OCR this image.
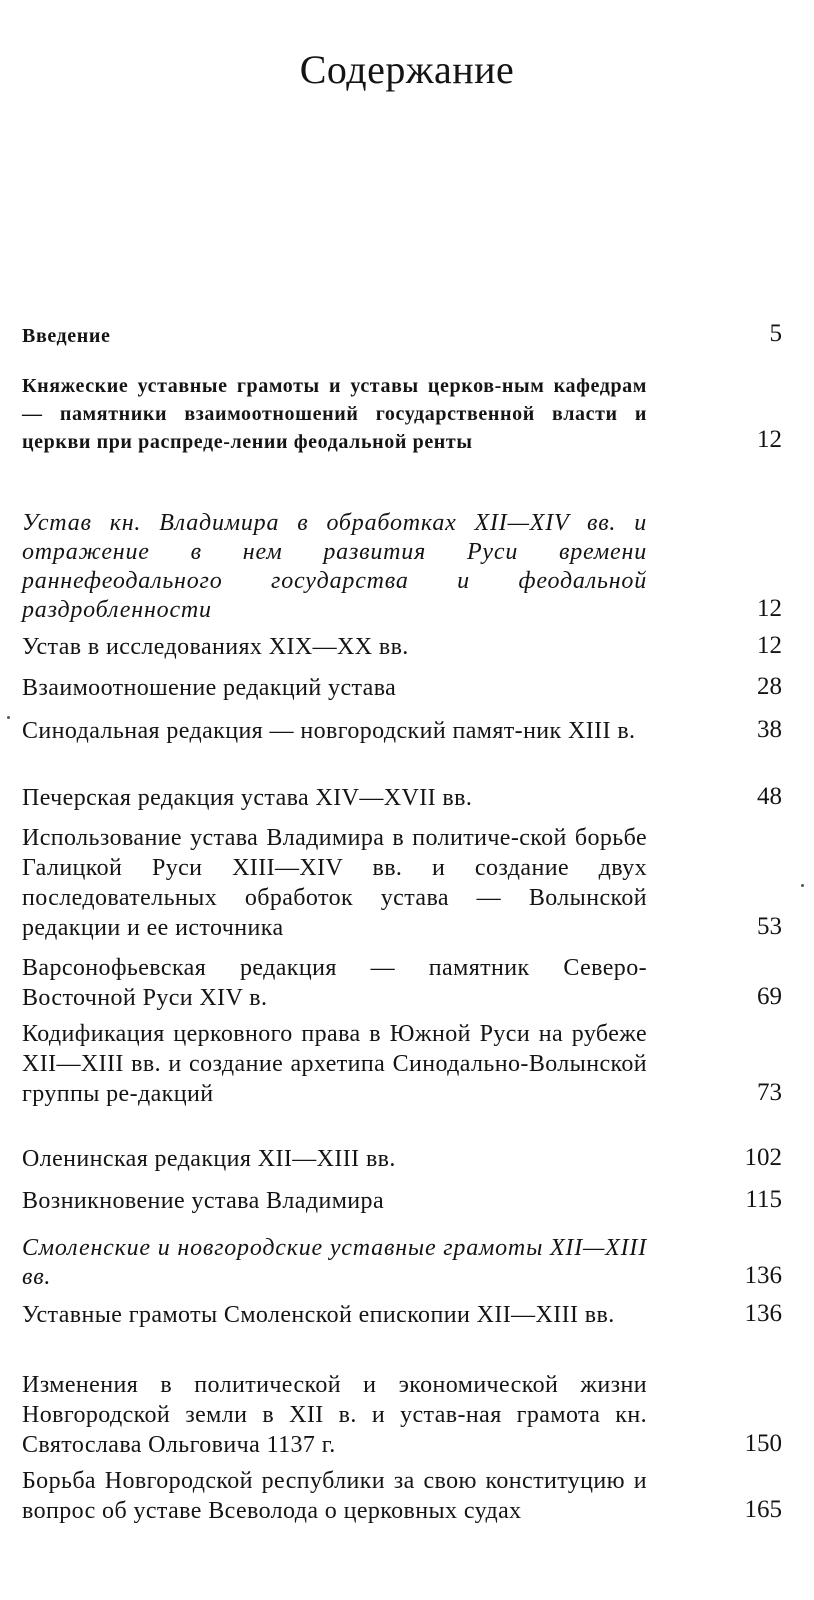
Содержание
Введение	5
Княжеские уставные грамоты и уставы церков-ным кафедрам — памятники взаимоотношений государственной власти и церкви при распреде-лении феодальной ренты	12
Устав кн. Владимира в обработках XII—XIV вв. и отражение в нем развития Руси времени раннефеодального государства и феодальной раздробленности	12
Устав в исследованиях XIX—XX вв.	12
Взаимоотношение редакций устава	28
Синодальная редакция — новгородский памят-ник XIII в.	38
Печерская редакция устава XIV—XVII вв.	48
Использование устава Владимира в политиче-ской борьбе Галицкой Руси XIII—XIV вв. и создание двух последовательных обработок устава — Волынской редакции и ее источника	53
Варсонофьевская редакция — памятник Северо-Восточной Руси XIV в.	69
Кодификация церковного права в Южной Руси на рубеже XII—XIII вв. и создание архетипа Синодально-Волынской группы ре-дакций	73
Оленинская редакция XII—XIII вв.	102
Возникновение устава Владимира	115
Смоленские и новгородские уставные грамоты XII—XIII вв.	136
Уставные грамоты Смоленской епископии XII—XIII вв.	136
Изменения в политической и экономической жизни Новгородской земли в XII в. и устав-ная грамота кн. Святослава Ольговича 1137 г.	150
Борьба Новгородской республики за свою конституцию и вопрос об уставе Всеволода о церковных судах	165
